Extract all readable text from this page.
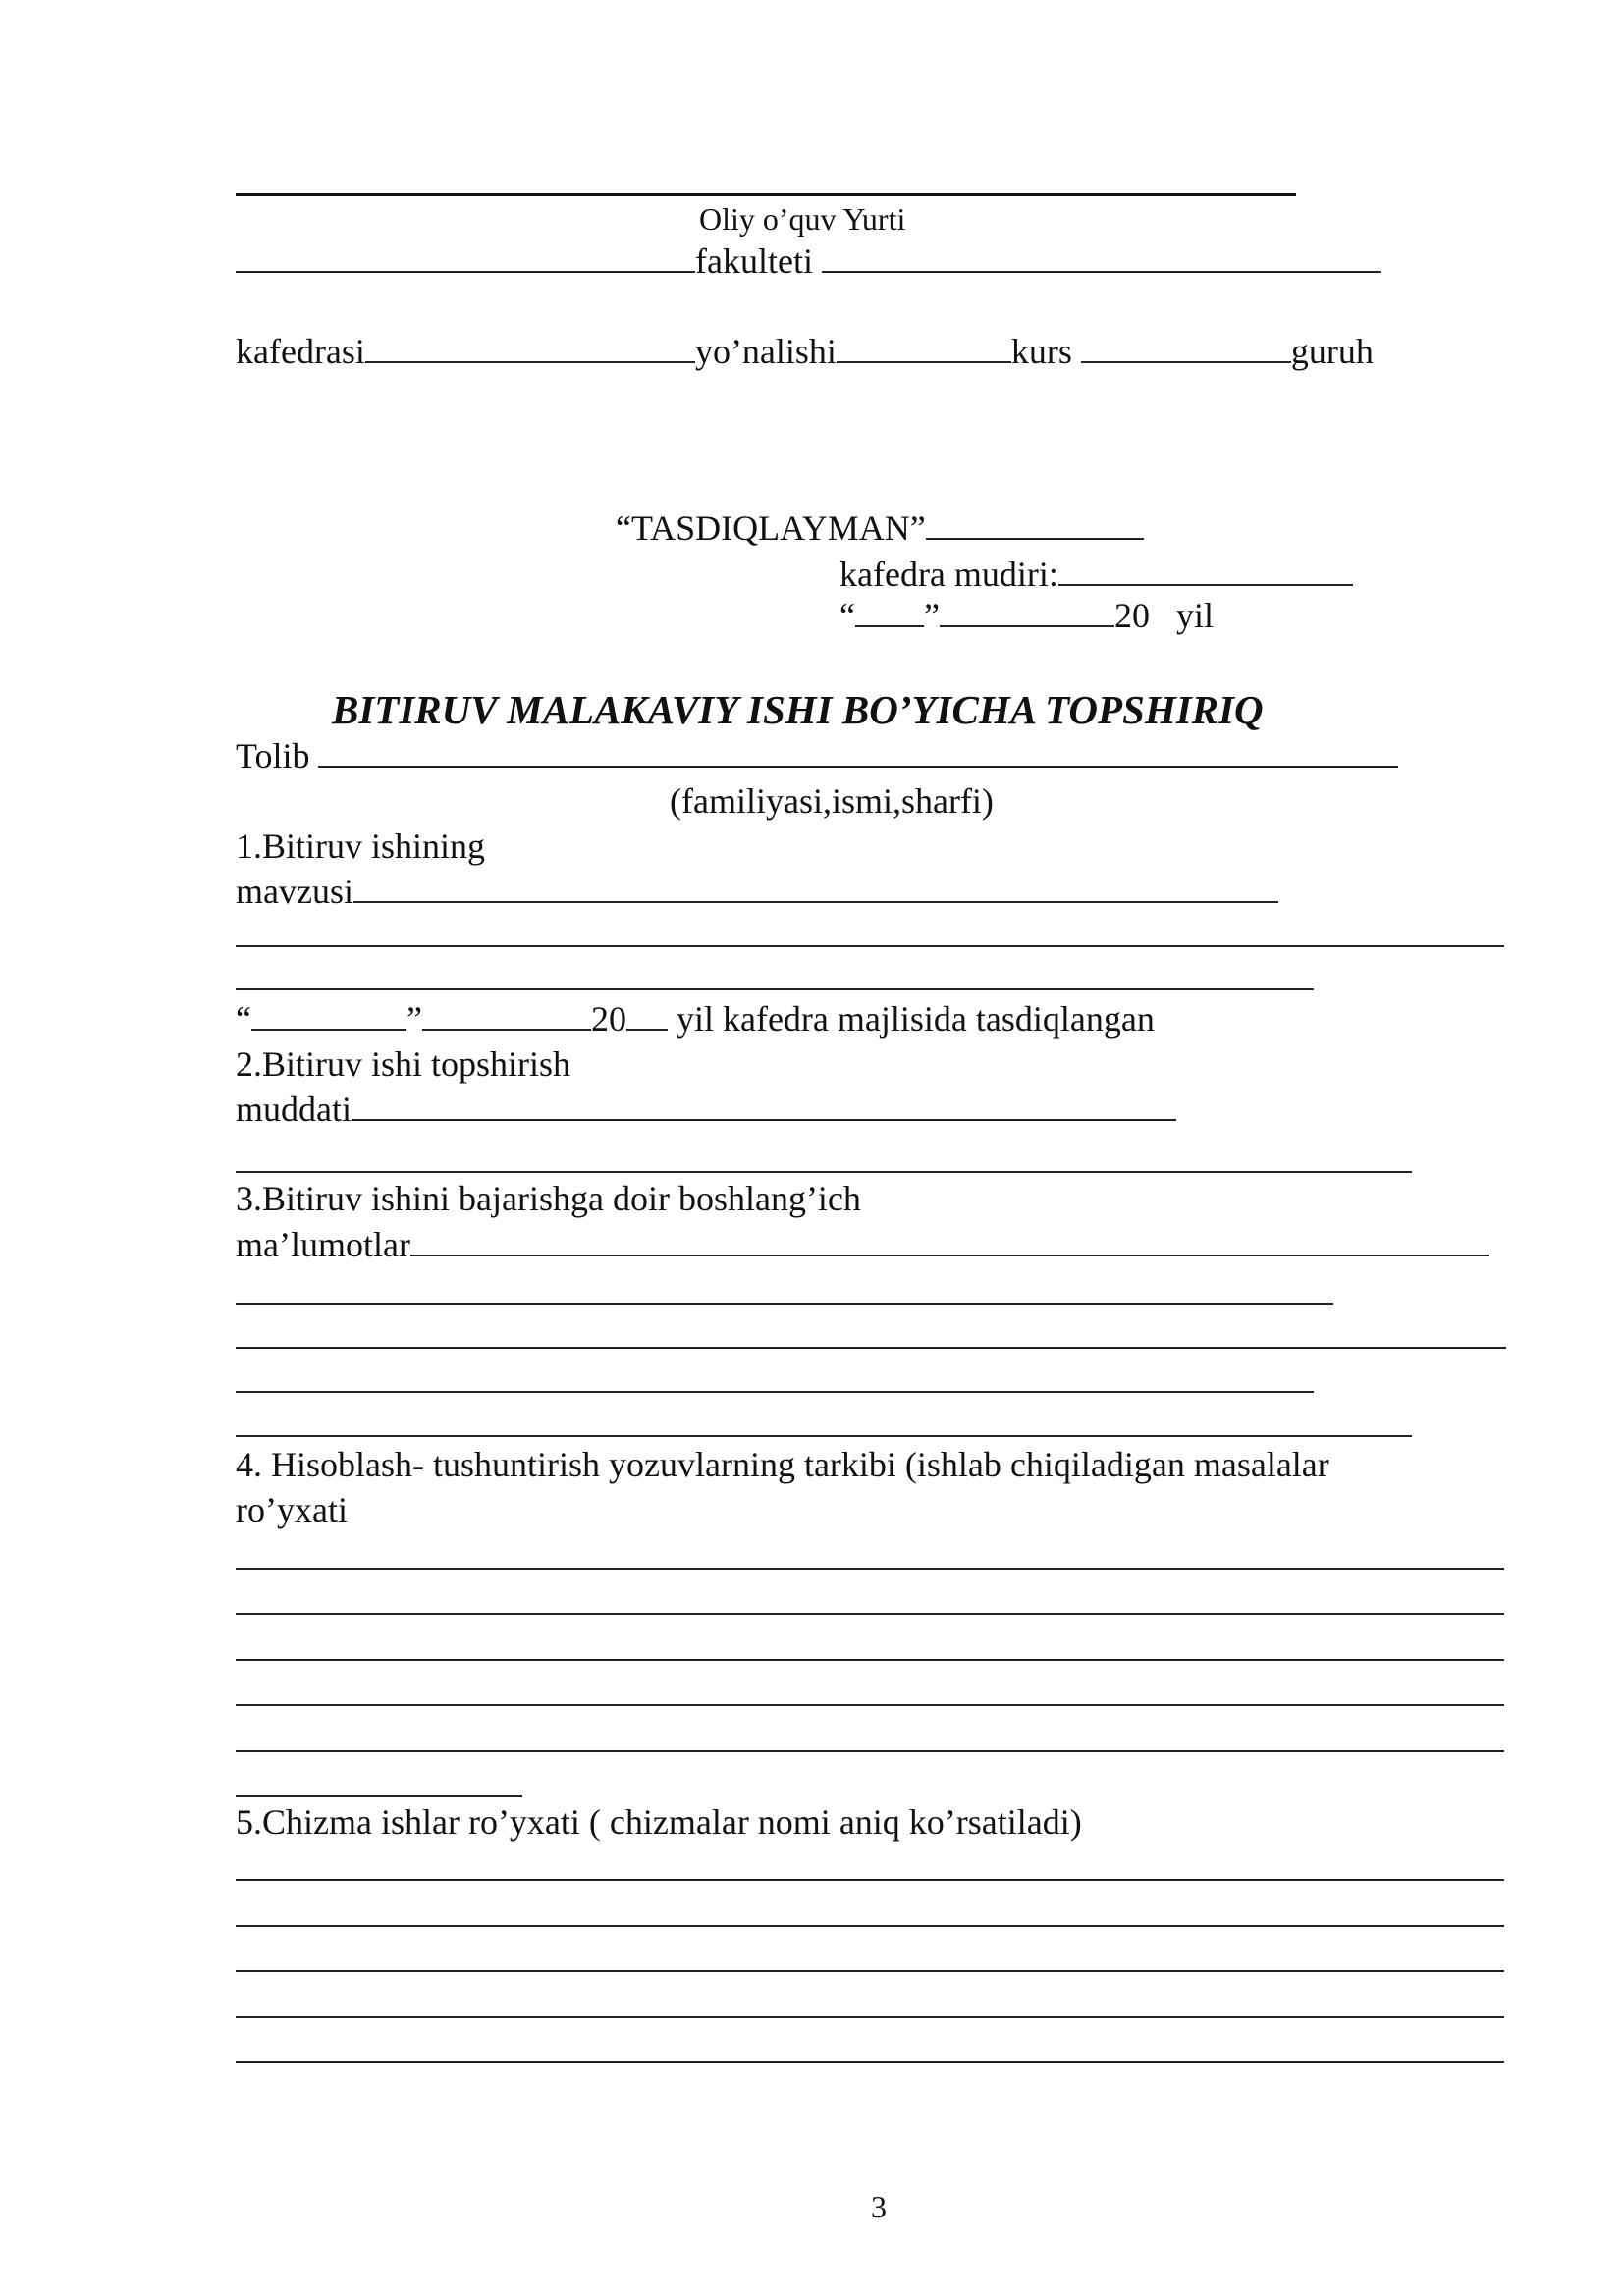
Oliy o’quv Yurti
fakulteti
kafedrasi	yo’nalishi	kurs	guruh
“TASDIQLAYMAN”
kafedra mudiri:
“ ”	20 yil
BITIRUV MALAKAVIY ISHI BO’YICHA TOPSHIRIQ
Tolib
(familiyasi,ismi,sharfi)
1.Bitiruv ishining
mavzusi
“	”	20 yil kafedra majlisida tasdiqlangan
2.Bitiruv ishi topshirish
muddati
3.Bitiruv ishini bajarishga doir boshlang’ich
ma’lumotlar
4. Hisoblash- tushuntirish yozuvlarning tarkibi (ishlab chiqiladigan masalalar
ro’yxati
5.Chizma ishlar ro’yxati ( chizmalar nomi aniq ko’rsatiladi)
3
